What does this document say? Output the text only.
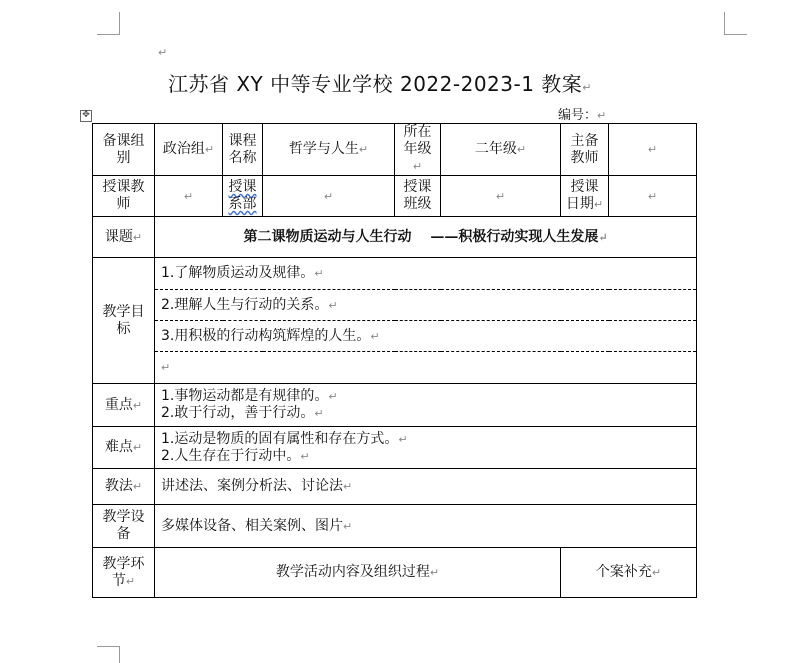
↵
江苏省 XY 中等专业学校 2022-2023-1 教案↵
编号：↵
✥
备课组别	政治组↵	课程名称	哲学与人生↵	所在年级↵	二年级↵	主备教师	↵
授课教师	↵	授课系部	↵	授课班级	↵	授课日期↵	↵
课题↵	第二课物质运动与人生行动　 ——积极行动实现人生发展↵						
教学目标	1.了解物质运动及规律。↵						
	2.理解人生与行动的关系。↵						
	3.用积极的行动构筑辉煌的人生。↵						
	↵						
重点↵	1.事物运动都是有规律的。↵
2.敢于行动，善于行动。↵						

难点↵	1.运动是物质的固有属性和存在方式。↵
2.人生存在于行动中。↵						

教法↵	讲述法、案例分析法、讨论法↵						
教学设备	多媒体设备、相关案例、图片↵						
教学环节↵	教学活动内容及组织过程↵					个案补充↵	
